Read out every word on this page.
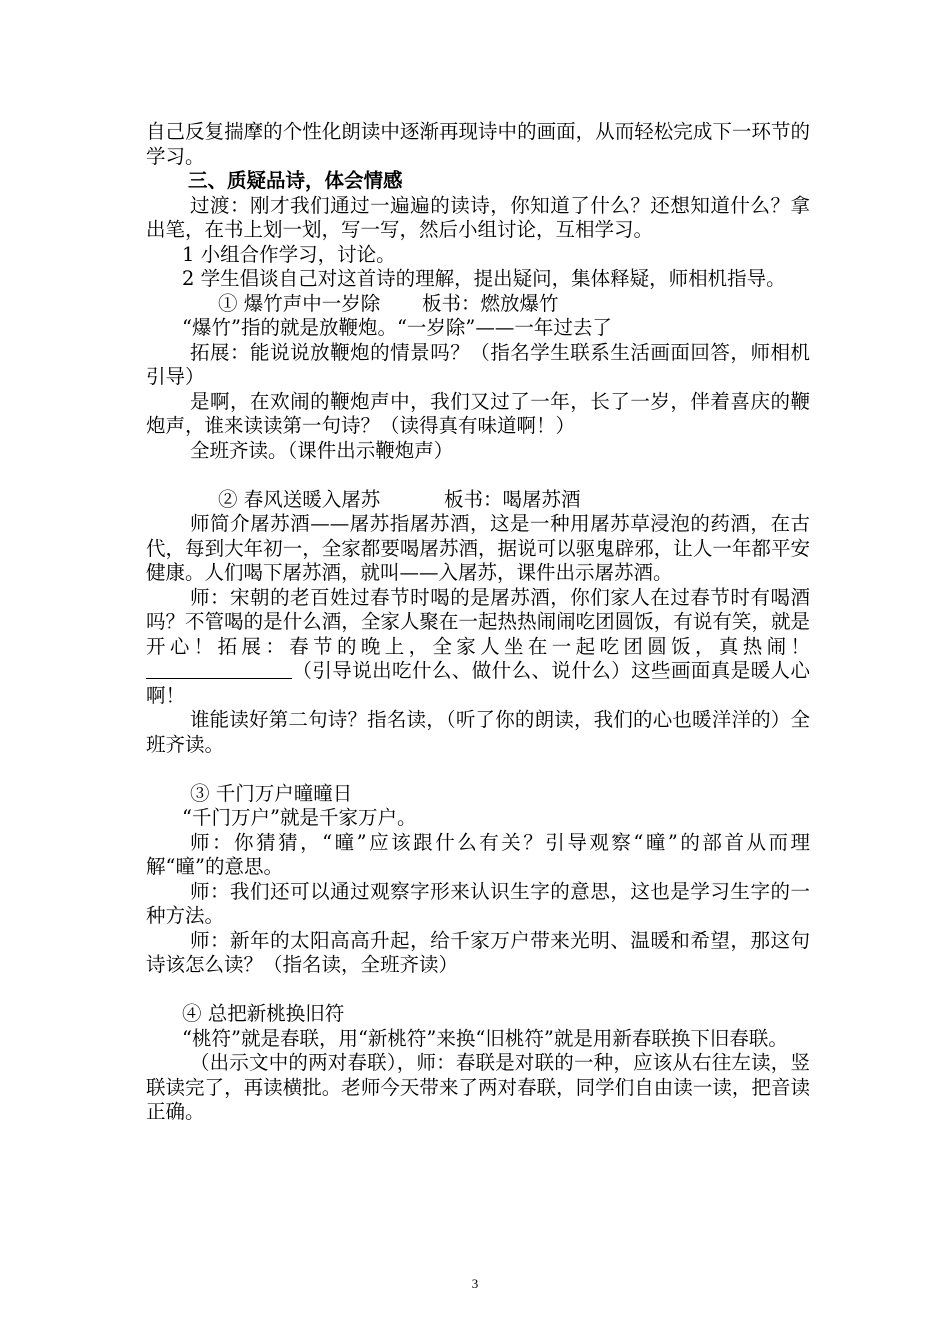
自己反复揣摩的个性化朗读中逐渐再现诗中的画面，从而轻松完成下一环节的学习。

三、质疑品诗，体会情感

过渡：刚才我们通过一遍遍的读诗，你知道了什么？还想知道什么？拿出笔，在书上划一划，写一写，然后小组讨论，互相学习。

1 小组合作学习，讨论。

2 学生倡谈自己对这首诗的理解，提出疑问，集体释疑，师相机指导。

① 爆竹声中一岁除 板书：燃放爆竹

“爆竹”指的就是放鞭炮。“一岁除”——一年过去了

拓展：能说说放鞭炮的情景吗？（指名学生联系生活画面回答，师相机引导）

是啊，在欢闹的鞭炮声中，我们又过了一年，长了一岁，伴着喜庆的鞭炮声，谁来读读第一句诗？（读得真有味道啊！）

全班齐读。（课件出示鞭炮声）

② 春风送暖入屠苏	板书：喝屠苏酒

师简介屠苏酒——屠苏指屠苏酒，这是一种用屠苏草浸泡的药酒，在古代，每到大年初一，全家都要喝屠苏酒，据说可以驱鬼辟邪，让人一年都平安健康。人们喝下屠苏酒，就叫——入屠苏，课件出示屠苏酒。

师：宋朝的老百姓过春节时喝的是屠苏酒，你们家人在过春节时有喝酒吗？不管喝的是什么酒，全家人聚在一起热热闹闹吃团圆饭，有说有笑，就是开心！拓展：春节的晚上，全家人坐在一起吃团圆饭，真热闹！（引导说出吃什么、做什么、说什么）这些画面真是暖人心啊！

谁能读好第二句诗？指名读，（听了你的朗读，我们的心也暖洋洋的）全班齐读。

③ 千门万户曈曈日

“千门万户”就是千家万户。

师：你猜猜，“曈”应该跟什么有关？引导观察“曈”的部首从而理解“曈”的意思。

师：我们还可以通过观察字形来认识生字的意思，这也是学习生字的一种方法。

师：新年的太阳高高升起，给千家万户带来光明、温暖和希望，那这句诗该怎么读？（指名读，全班齐读）

④ 总把新桃换旧符

“桃符”就是春联，用“新桃符”来换“旧桃符”就是用新春联换下旧春联。

（出示文中的两对春联），师：春联是对联的一种，应该从右往左读，竖联读完了，再读横批。老师今天带来了两对春联，同学们自由读一读，把音读正确。

3
